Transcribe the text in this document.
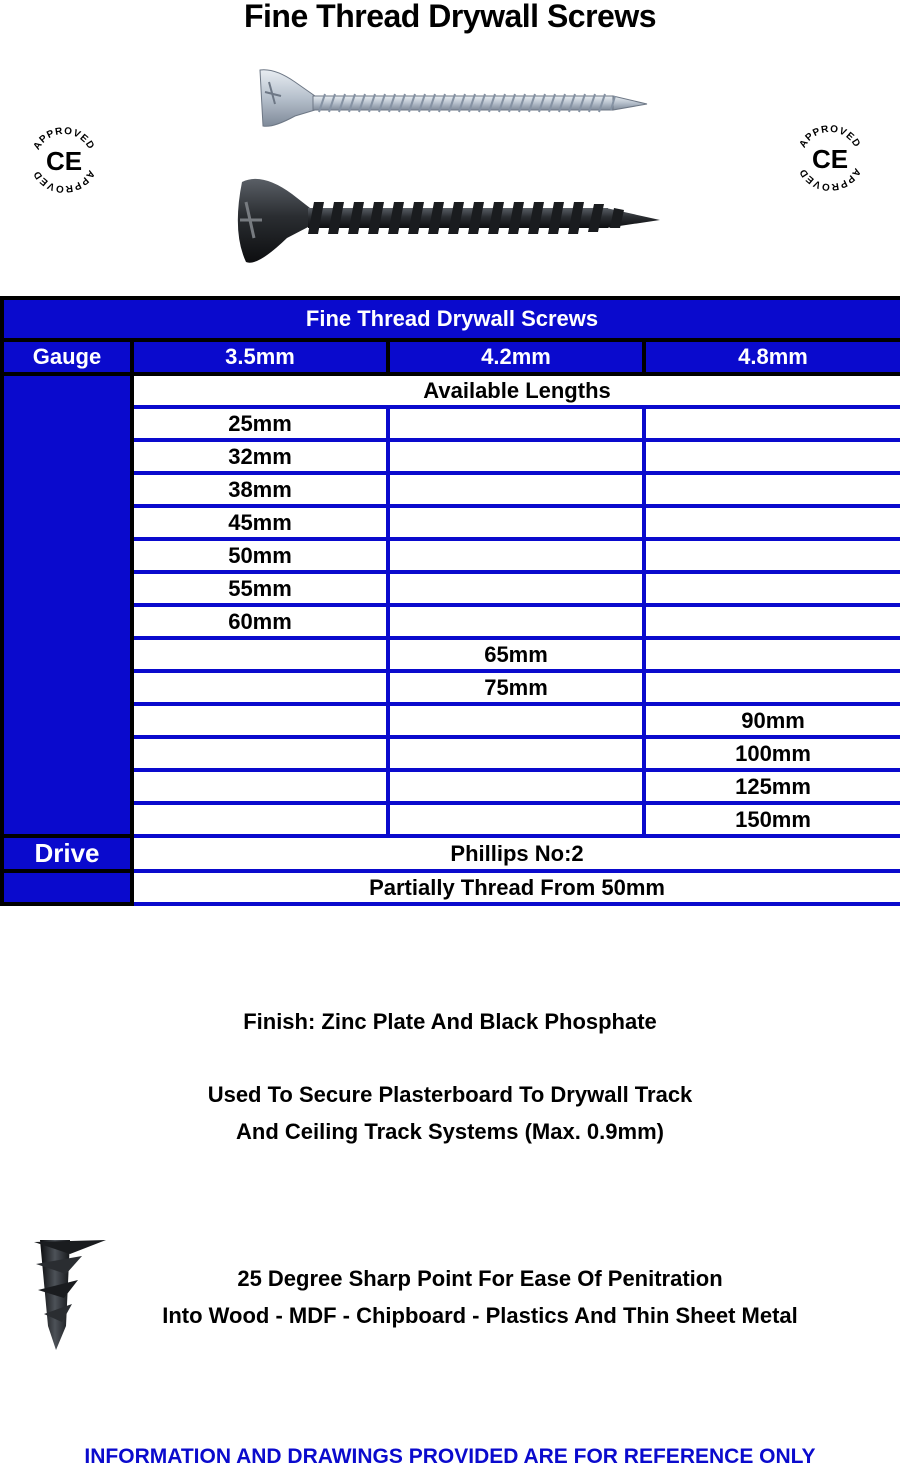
Fine Thread Drywall Screws
APPROVED
APPROVED CE
APPROVED
APPROVED CE
Fine Thread Drywall Screws			
Gauge	3.5mm	4.2mm	4.8mm
	Available Lengths		
	25mm		
	32mm		
	38mm		
	45mm		
	50mm		
	55mm		
	60mm		
		65mm	
		75mm	
			90mm
			100mm
			125mm
			150mm
Drive	Phillips No:2		
	Partially Thread From 50mm		
Finish: Zinc Plate And Black Phosphate
Used To Secure Plasterboard To Drywall Track
And Ceiling Track Systems (Max. 0.9mm)
25 Degree Sharp Point For Ease Of Penitration
Into Wood - MDF - Chipboard - Plastics And Thin Sheet Metal
INFORMATION AND DRAWINGS PROVIDED ARE FOR REFERENCE ONLY
